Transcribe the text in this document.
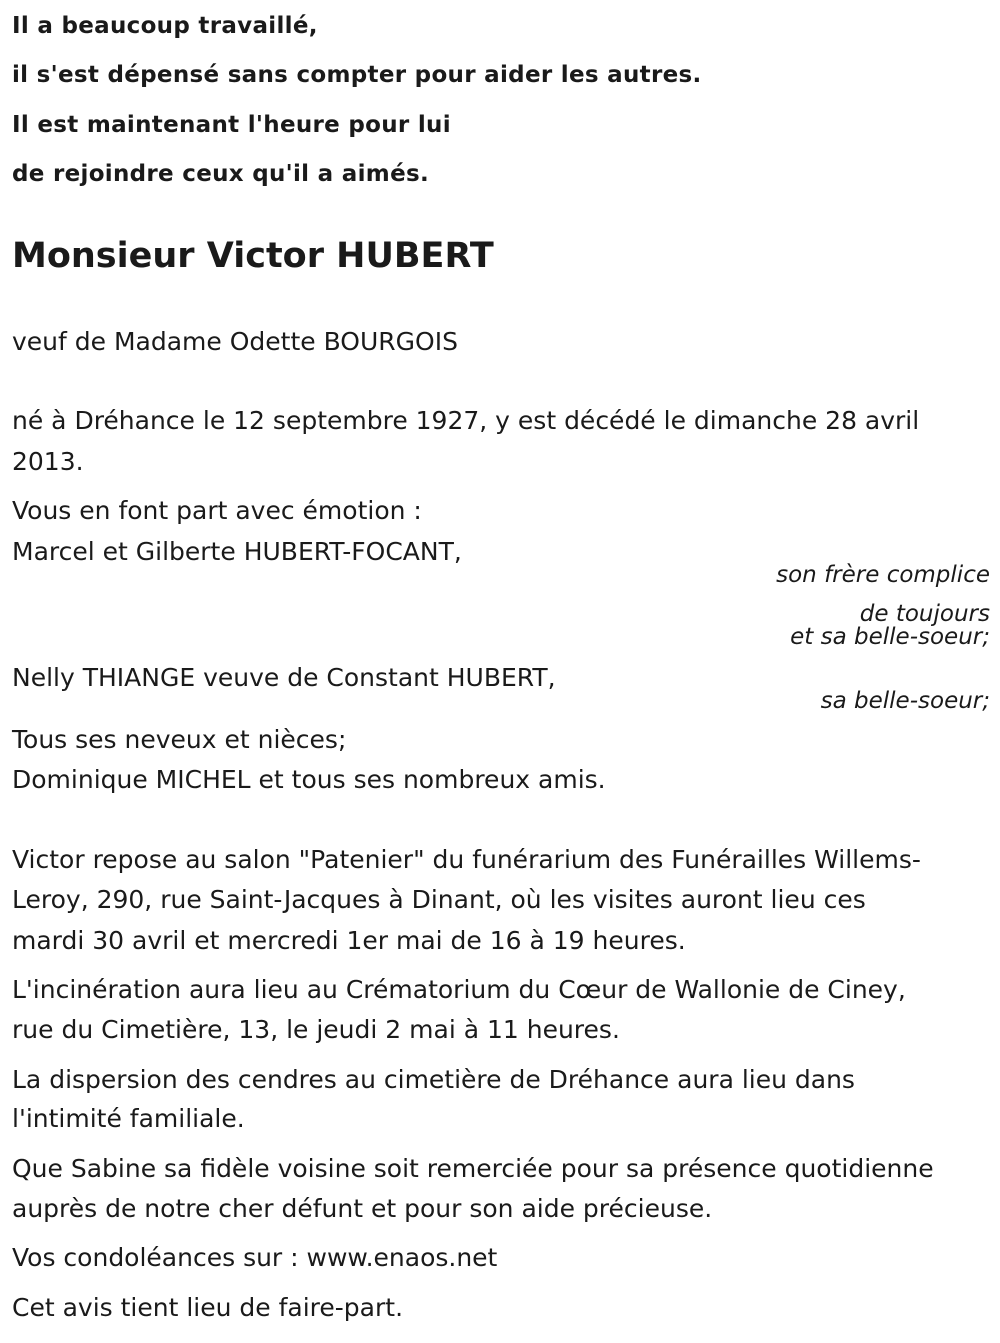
Il a beaucoup travaillé,
il s'est dépensé sans compter pour aider les autres.
Il est maintenant l'heure pour lui
de rejoindre ceux qu'il a aimés.
Monsieur Victor HUBERT
veuf de Madame Odette BOURGOIS
né à Dréhance le 12 septembre 1927, y est décédé le dimanche 28 avril
2013.
Vous en font part avec émotion :
Marcel et Gilberte HUBERT-FOCANT,
son frère complice
de toujours
et sa belle-soeur;
Nelly THIANGE veuve de Constant HUBERT,
sa belle-soeur;
Tous ses neveux et nièces;
Dominique MICHEL et tous ses nombreux amis.
Victor repose au salon "Patenier" du funérarium des Funérailles Willems-
Leroy, 290, rue Saint-Jacques à Dinant, où les visites auront lieu ces
mardi 30 avril et mercredi 1er mai de 16 à 19 heures.
L'incinération aura lieu au Crématorium du Cœur de Wallonie de Ciney,
rue du Cimetière, 13, le jeudi 2 mai à 11 heures.
La dispersion des cendres au cimetière de Dréhance aura lieu dans
l'intimité familiale.
Que Sabine sa fidèle voisine soit remerciée pour sa présence quotidienne
auprès de notre cher défunt et pour son aide précieuse.
Vos condoléances sur : www.enaos.net
Cet avis tient lieu de faire-part.
